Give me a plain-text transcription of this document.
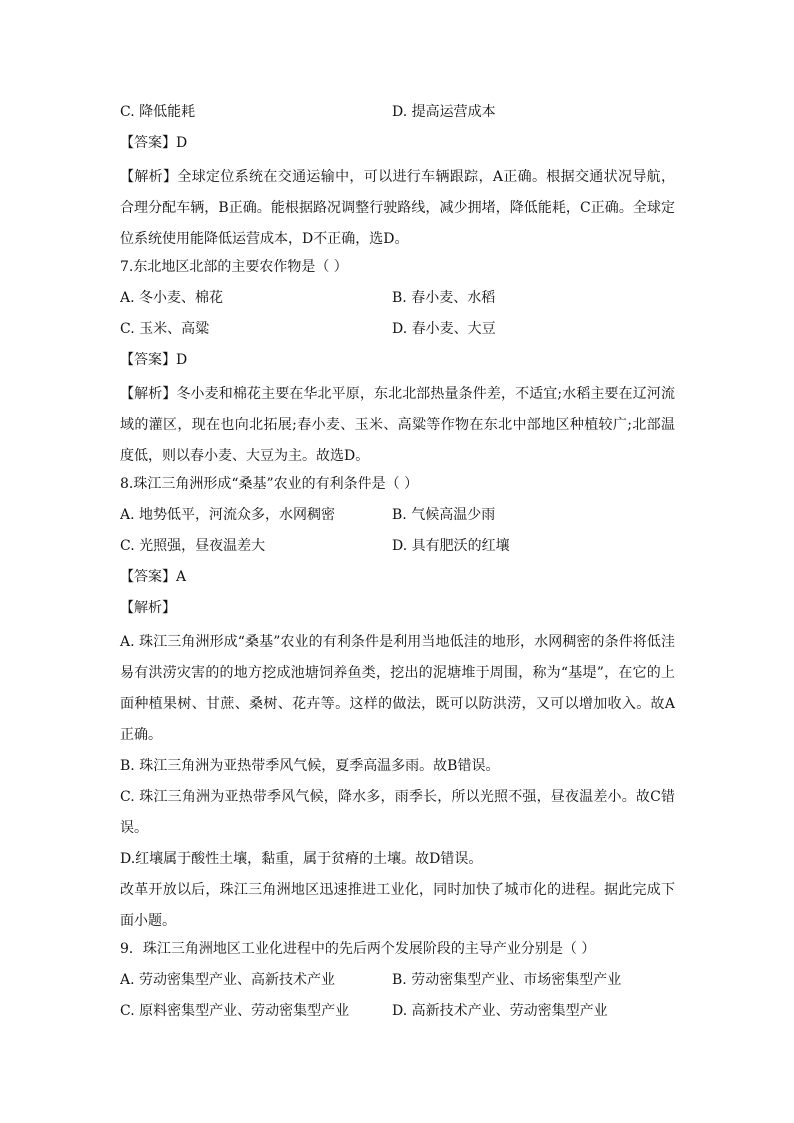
C. 降低能耗	D. 提高运营成本
【答案】D
【解析】全球定位系统在交通运输中，可以进行车辆跟踪，A正确。根据交通状况导航，合理分配车辆，B正确。能根据路况调整行驶路线，减少拥堵，降低能耗，C正确。全球定位系统使用能降低运营成本，D不正确，选D。
7.东北地区北部的主要农作物是（ ）
A. 冬小麦、棉花	B. 春小麦、水稻
C. 玉米、高粱	D. 春小麦、大豆
【答案】D
【解析】冬小麦和棉花主要在华北平原，东北北部热量条件差，不适宜;水稻主要在辽河流域的灌区，现在也向北拓展;春小麦、玉米、高粱等作物在东北中部地区种植较广;北部温度低，则以春小麦、大豆为主。故选D。
8.珠江三角洲形成“桑基”农业的有利条件是（ ）
A. 地势低平，河流众多，水网稠密	B. 气候高温少雨
C. 光照强，昼夜温差大	D. 具有肥沃的红壤
【答案】A
【解析】
A. 珠江三角洲形成“桑基”农业的有利条件是利用当地低洼的地形，水网稠密的条件将低洼易有洪涝灾害的的地方挖成池塘饲养鱼类，挖出的泥塘堆于周围，称为“基堤”，在它的上面种植果树、甘蔗、桑树、花卉等。这样的做法，既可以防洪涝，又可以增加收入。故A正确。
B. 珠江三角洲为亚热带季风气候，夏季高温多雨。故B错误。
C. 珠江三角洲为亚热带季风气候，降水多，雨季长，所以光照不强，昼夜温差小。故C错误。
D.红壤属于酸性土壤，黏重，属于贫瘠的土壤。故D错误。
改革开放以后，珠江三角洲地区迅速推进工业化，同时加快了城市化的进程。据此完成下面小题。
9．珠江三角洲地区工业化进程中的先后两个发展阶段的主导产业分别是（ ）
A. 劳动密集型产业、高新技术产业	B. 劳动密集型产业、市场密集型产业
C. 原料密集型产业、劳动密集型产业	D. 高新技术产业、劳动密集型产业
